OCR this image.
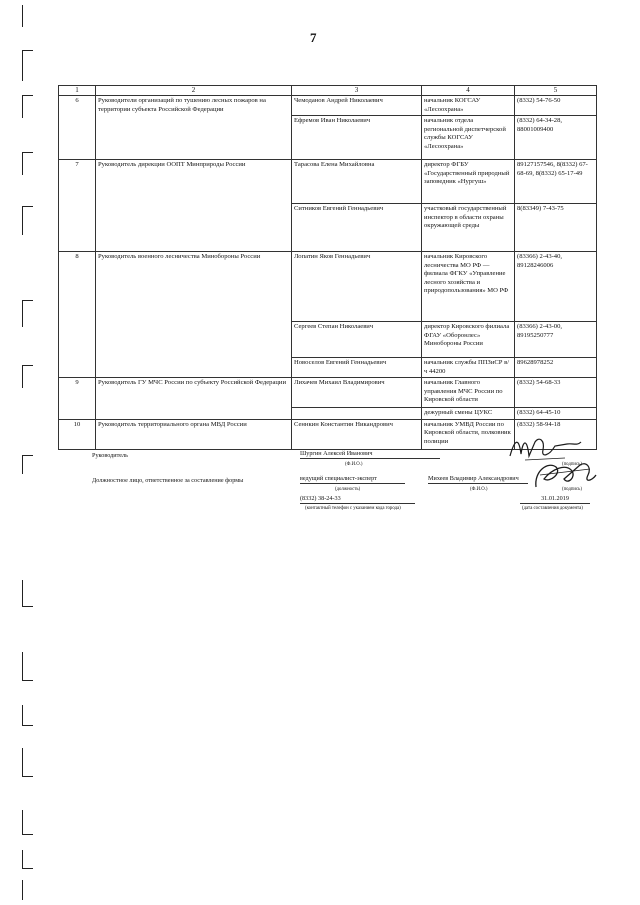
7
1	2	3	4	5
6	Руководители организаций по тушению лесных пожаров на территории субъекта Российской Федерации	Чемоданов Андрей Николаевич	начальник КОГСАУ «Лесоохрана»	(8332) 54-76-50
		Ефремов Иван Николаевич	начальник отдела региональной диспетчерской службы КОГСАУ «Лесоохрана»	(8332) 64-34-28, 88001009400
7	Руководитель дирекции ООПТ Минприроды России	Тарасова Елена Михайловна	директор ФГБУ «Государственный природный заповедник «Нургуш»	89127157546, 8(8332) 67-68-69, 8(8332) 65-17-49
		Ситников Евгений Геннадьевич	участковый государственный инспектор в области охраны окружающей среды	8(83349) 7-43-75
8	Руководитель военного лесничества Минобороны России	Лопатин Яков Геннадьевич	начальник Кировского лесничества МО РФ — филиала ФГКУ «Управление лесного хозяйства и природопользования» МО РФ	(83366) 2-43-40, 89128246006
		Сергеев Степан Николаевич	директор Кировского филиала ФГАУ «Оборонлес» Минобороны России	(83366) 2-43-00, 89195250777
		Новоселов Евгений Геннадьевич	начальник службы ППЗиСР в/ч 44200	89628978252
9	Руководитель ГУ МЧС России по субъекту Российской Федерации	Лихачев Михаил Владимирович	начальник Главного управления МЧС России по Кировской области	(8332) 54-68-33
			дежурный смены ЦУКС	(8332) 64-45-10
10	Руководитель территориального органа МВД России	Сеннкин Константин Никандрович	начальник УМВД России по Кировской области, полковник полиции	(8332) 58-94-18
Руководитель	Шургин Алексей Иванович
(Ф.И.О.)	(подпись)
Должностное лицо, ответственное за составление формы	ведущий специалист-эксперт
(должность)
Михеев Владимир Александрович
(Ф.И.О.)	(подпись)
(8332) 38-24-33
(контактный телефон с указанием кода города)
31.01.2019
(дата составления документа)
